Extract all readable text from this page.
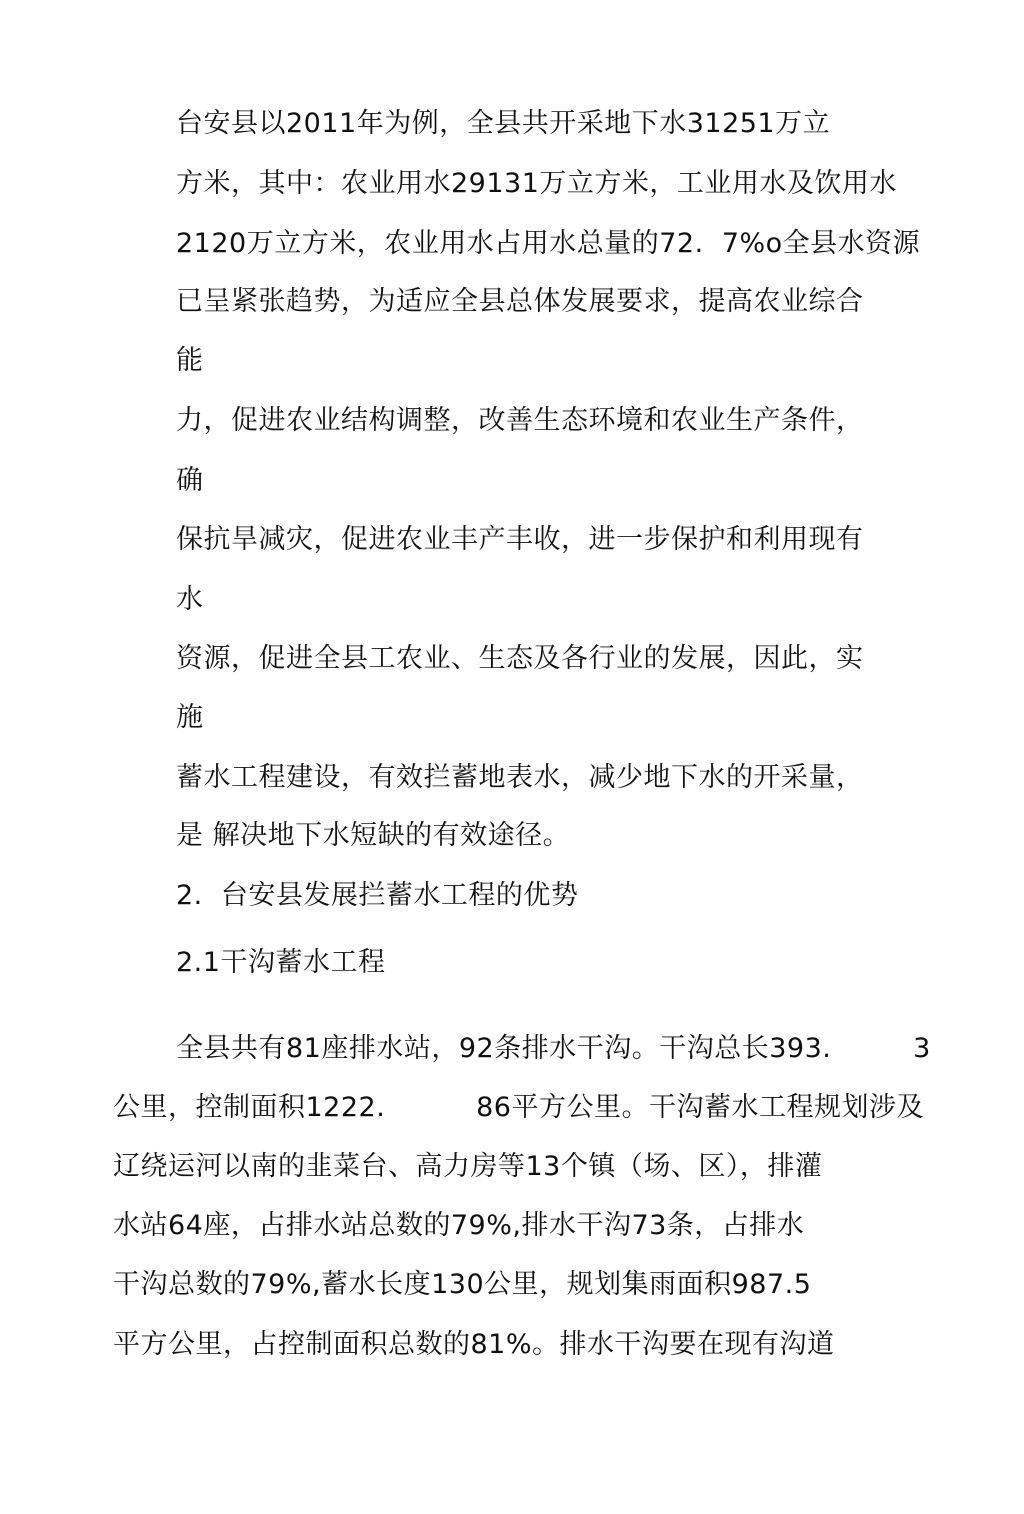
台安县以2011年为例，全县共开采地下水31251万立
方米，其中：农业用水29131万立方米，工业用水及饮用水
2120万立方米，农业用水占用水总量的72.  7%o全县水资源
已呈紧张趋势，为适应全县总体发展要求，提高农业综合
能
力，促进农业结构调整，改善生态环境和农业生产条件，
确
保抗旱减灾，促进农业丰产丰收，进一步保护和利用现有
水
资源，促进全县工农业、生态及各行业的发展，因此，实
施
蓄水工程建设，有效拦蓄地表水，减少地下水的开采量，
是 解决地下水短缺的有效途径。
2.  台安县发展拦蓄水工程的优势
2.1干沟蓄水工程
全县共有81座排水站，92条排水干沟。干沟总长393.         3
公里，控制面积1222.          86平方公里。干沟蓄水工程规划涉及
辽绕运河以南的韭菜台、高力房等13个镇（场、区），排灌
水站64座，占排水站总数的79%,排水干沟73条，占排水
干沟总数的79%,蓄水长度130公里，规划集雨面积987.5
平方公里，占控制面积总数的81%。排水干沟要在现有沟道
